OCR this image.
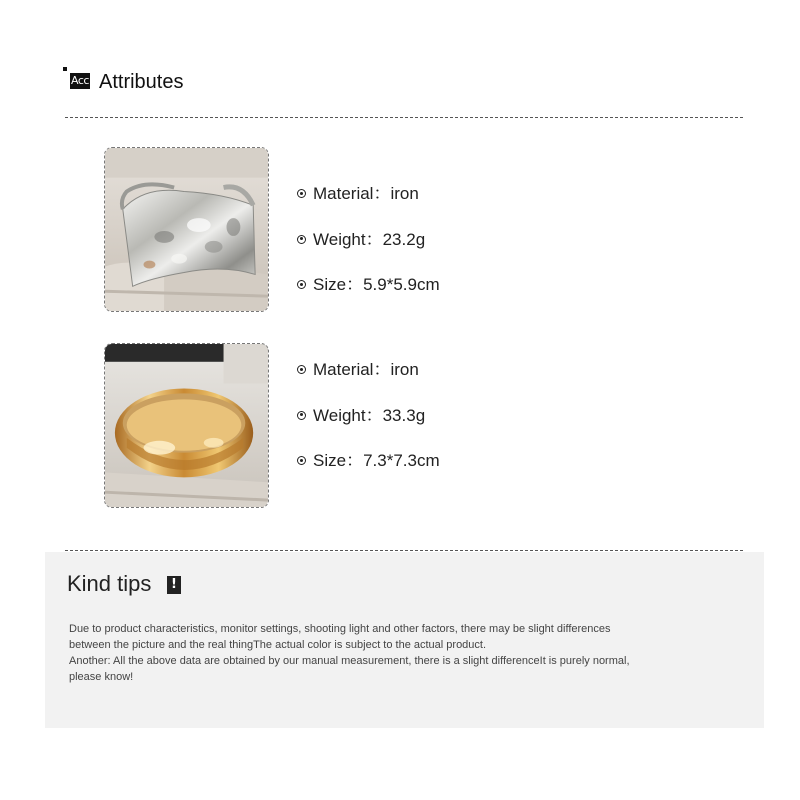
Acc Attributes
Material：iron
Weight：23.2g
Size：5.9*5.9cm
Material：iron
Weight：33.3g
Size：7.3*7.3cm
Kind tips	!

Due to product characteristics, monitor settings, shooting light and other factors, there may be slight differences between the picture and the real thingThe actual color is subject to the actual product.

Another: All the above data are obtained by our manual measurement, there is a slight differenceIt is purely normal, please know!
